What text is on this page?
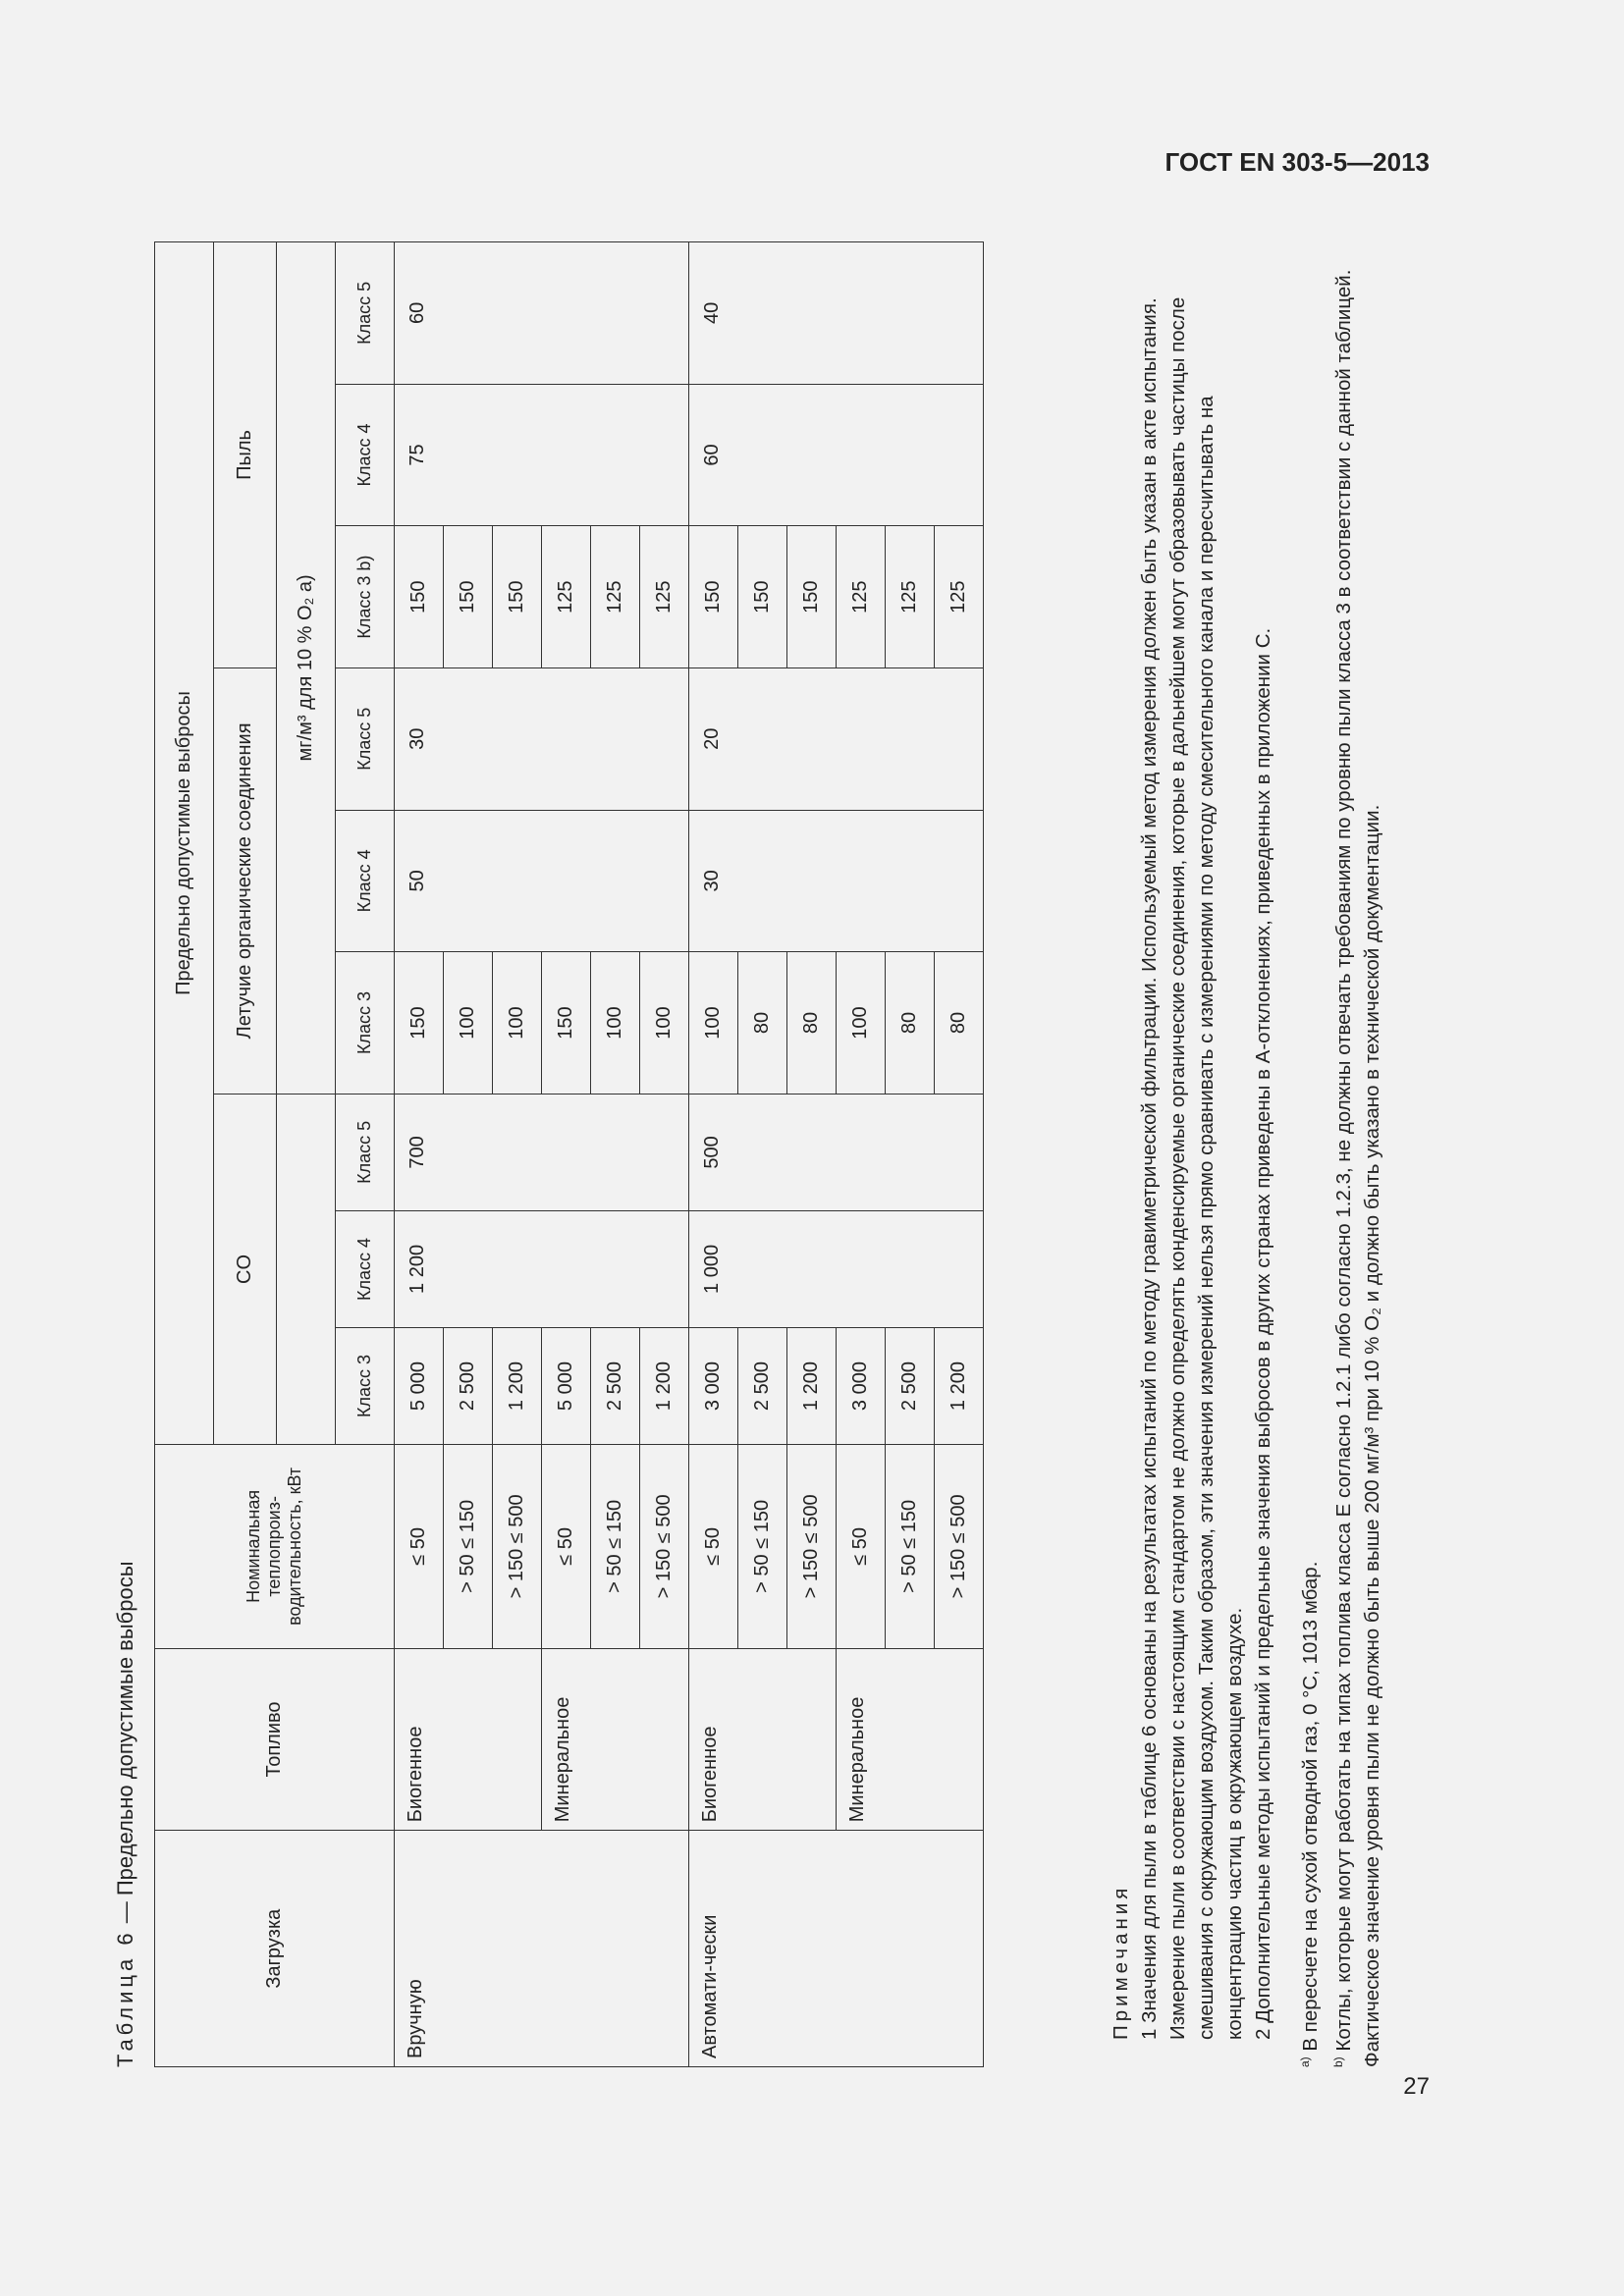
ГОСТ EN 303-5—2013
27
Таблица 6 — Предельно допустимые выбросы
Загрузка	Топливо	Номинальная теплопроиз-водительность, кВт	Предельно допустимые выбросы								
			CO			Летучие органические соединения			Пыль		
						мг/м³ для 10 % O₂ а)					
			Класс 3	Класс 4	Класс 5	Класс 3	Класс 4	Класс 5	Класс 3 b)	Класс 4	Класс 5
Вручную	Биогенное	≤ 50	5 000	1 200	700	150	50	30	150	75	60
		> 50 ≤ 150	2 500			100			150		
		> 150 ≤ 500	1 200			100			150		
	Минеральное	≤ 50	5 000			150			125		
		> 50 ≤ 150	2 500			100			125		
		> 150 ≤ 500	1 200			100			125		
Автомати-чески	Биогенное	≤ 50	3 000	1 000	500	100	30	20	150	60	40
		> 50 ≤ 150	2 500			80			150		
		> 150 ≤ 500	1 200			80			150		
	Минеральное	≤ 50	3 000			100			125		
		> 50 ≤ 150	2 500			80			125		
		> 150 ≤ 500	1 200			80			125		

Примечания 1 Значения для пыли в таблице 6 основаны на результатах испытаний по методу гравиметрической фильтрации. Используемый метод измерения должен быть указан в акте испытания. Измерение пыли в соответствии с настоящим стандартом не должно определять конденсируемые органические соединения, которые в дальнейшем могут образовывать частицы после смешивания с окружающим воздухом. Таким образом, эти значения измерений нельзя прямо сравнивать с измерениями по методу смесительного канала и пересчитывать на концентрацию частиц в окружающем воздухе. 2 Дополнительные методы испытаний и предельные значения выбросов в других странах приведены в А-отклонениях, приведенных в приложении С.

$^{а)}$ В пересчете на сухой отводной газ, 0 °С, 1013 мбар.

$^{b)}$ Котлы, которые могут работать на типах топлива класса Е согласно 1.2.1 либо согласно 1.2.3, не должны отвечать требованиям по уровню пыли класса 3 в соответствии с данной таблицей. Фактическое значение уровня пыли не должно быть выше 200 мг/м³ при 10 % O₂ и должно быть указано в технической документации.
